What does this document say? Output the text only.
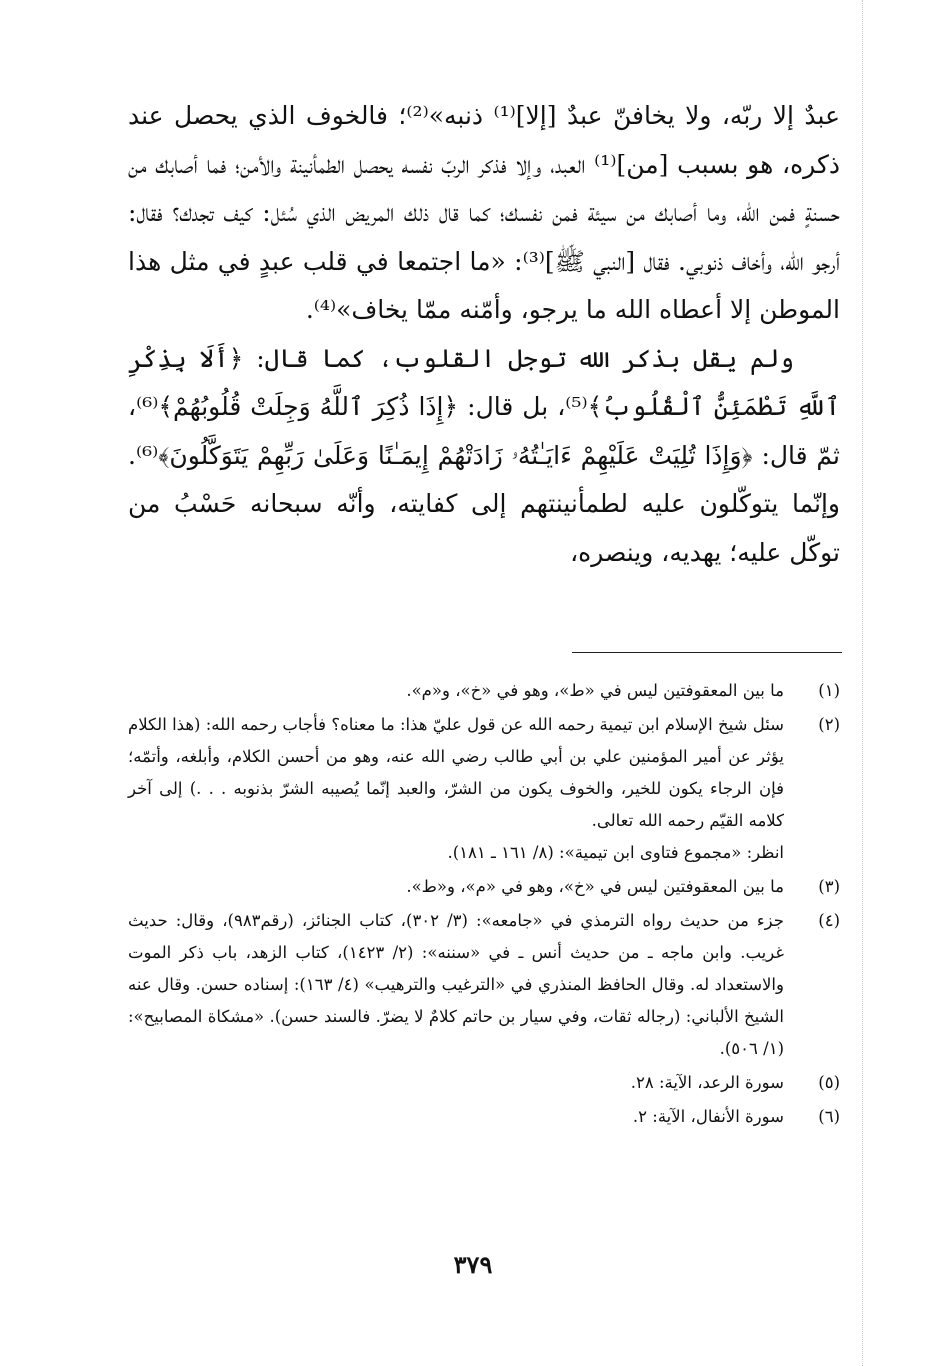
عبدٌ إلا ربّه، ولا يخافنّ عبدٌ [إلا]⁽¹⁾ ذنبه»⁽²⁾؛ فالخوف الذي يحصل عند ذكره، هو بسبب [من]⁽¹⁾ العبد، وإلا فذكر الربّ نفسه يحصل الطمأنينة والأمن؛ فما أصابك من حسنةٍ فمن الله، وما أصابك من سيئة فمن نفسك؛ كما قال ذلك المريض الذي سُئل: كيف تجدك؟ فقال: أرجو الله، وأخاف ذنوبي. فقال [النبي ﷺ]⁽³⁾: «ما اجتمعا في قلب عبدٍ في مثل هذا الموطن إلا أعطاه الله ما يرجو، وأمّنه ممّا يخاف»⁽⁴⁾.

ولم يقل بذكر الله توجل القلوب، كما قال: ﴿أَلَا بِذِكْرِ ٱللَّهِ تَطْمَئِنُّ ٱلْقُلُوبُ﴾⁽⁵⁾، بل قال: ﴿إِذَا ذُكِرَ ٱللَّهُ وَجِلَتْ قُلُوبُهُمْ﴾⁽⁶⁾، ثمّ قال: ﴿وَإِذَا تُلِيَتْ عَلَيْهِمْ ءَايَـٰتُهُۥ زَادَتْهُمْ إِيمَـٰنًا وَعَلَىٰ رَبِّهِمْ يَتَوَكَّلُونَ﴾⁽⁶⁾. وإنّما يتوكّلون عليه لطمأنينتهم إلى كفايته، وأنّه سبحانه حَسْبُ من توكّل عليه؛ يهديه، وينصره،

(١)
ما بين المعقوفتين ليس في «ط»، وهو في «خ»، و«م».
(٢)
سئل شيخ الإسلام ابن تيمية رحمه الله عن قول عليّ هذا: ما معناه؟ فأجاب رحمه الله: (هذا الكلام يؤثر عن أمير المؤمنين علي بن أبي طالب رضي الله عنه، وهو من أحسن الكلام، وأبلغه، وأتمّه؛ فإن الرجاء يكون للخير، والخوف يكون من الشرّ، والعبد إنّما يُصيبه الشرّ بذنوبه . . .) إلى آخر كلامه القيّم رحمه الله تعالى.
انظر: «مجموع فتاوى ابن تيمية»: (٨/ ١٦١ ـ ١٨١).
(٣)
ما بين المعقوفتين ليس في «خ»، وهو في «م»، و«ط».
(٤)
جزء من حديث رواه الترمذي في «جامعه»: (٣/ ٣٠٢)، كتاب الجنائز، (رقم٩٨٣)، وقال: حديث غريب. وابن ماجه ـ من حديث أنس ـ في «سننه»: (٢/ ١٤٢٣)، كتاب الزهد، باب ذكر الموت والاستعداد له. وقال الحافظ المنذري في «الترغيب والترهيب» (٤/ ١٦٣): إسناده حسن. وقال عنه الشيخ الألباني: (رجاله ثقات، وفي سيار بن حاتم كلامٌ لا يضرّ. فالسند حسن). «مشكاة المصابيح»: (١/ ٥٠٦).
(٥)
سورة الرعد، الآية: ٢٨.
(٦)
سورة الأنفال، الآية: ٢.
٣٧٩
